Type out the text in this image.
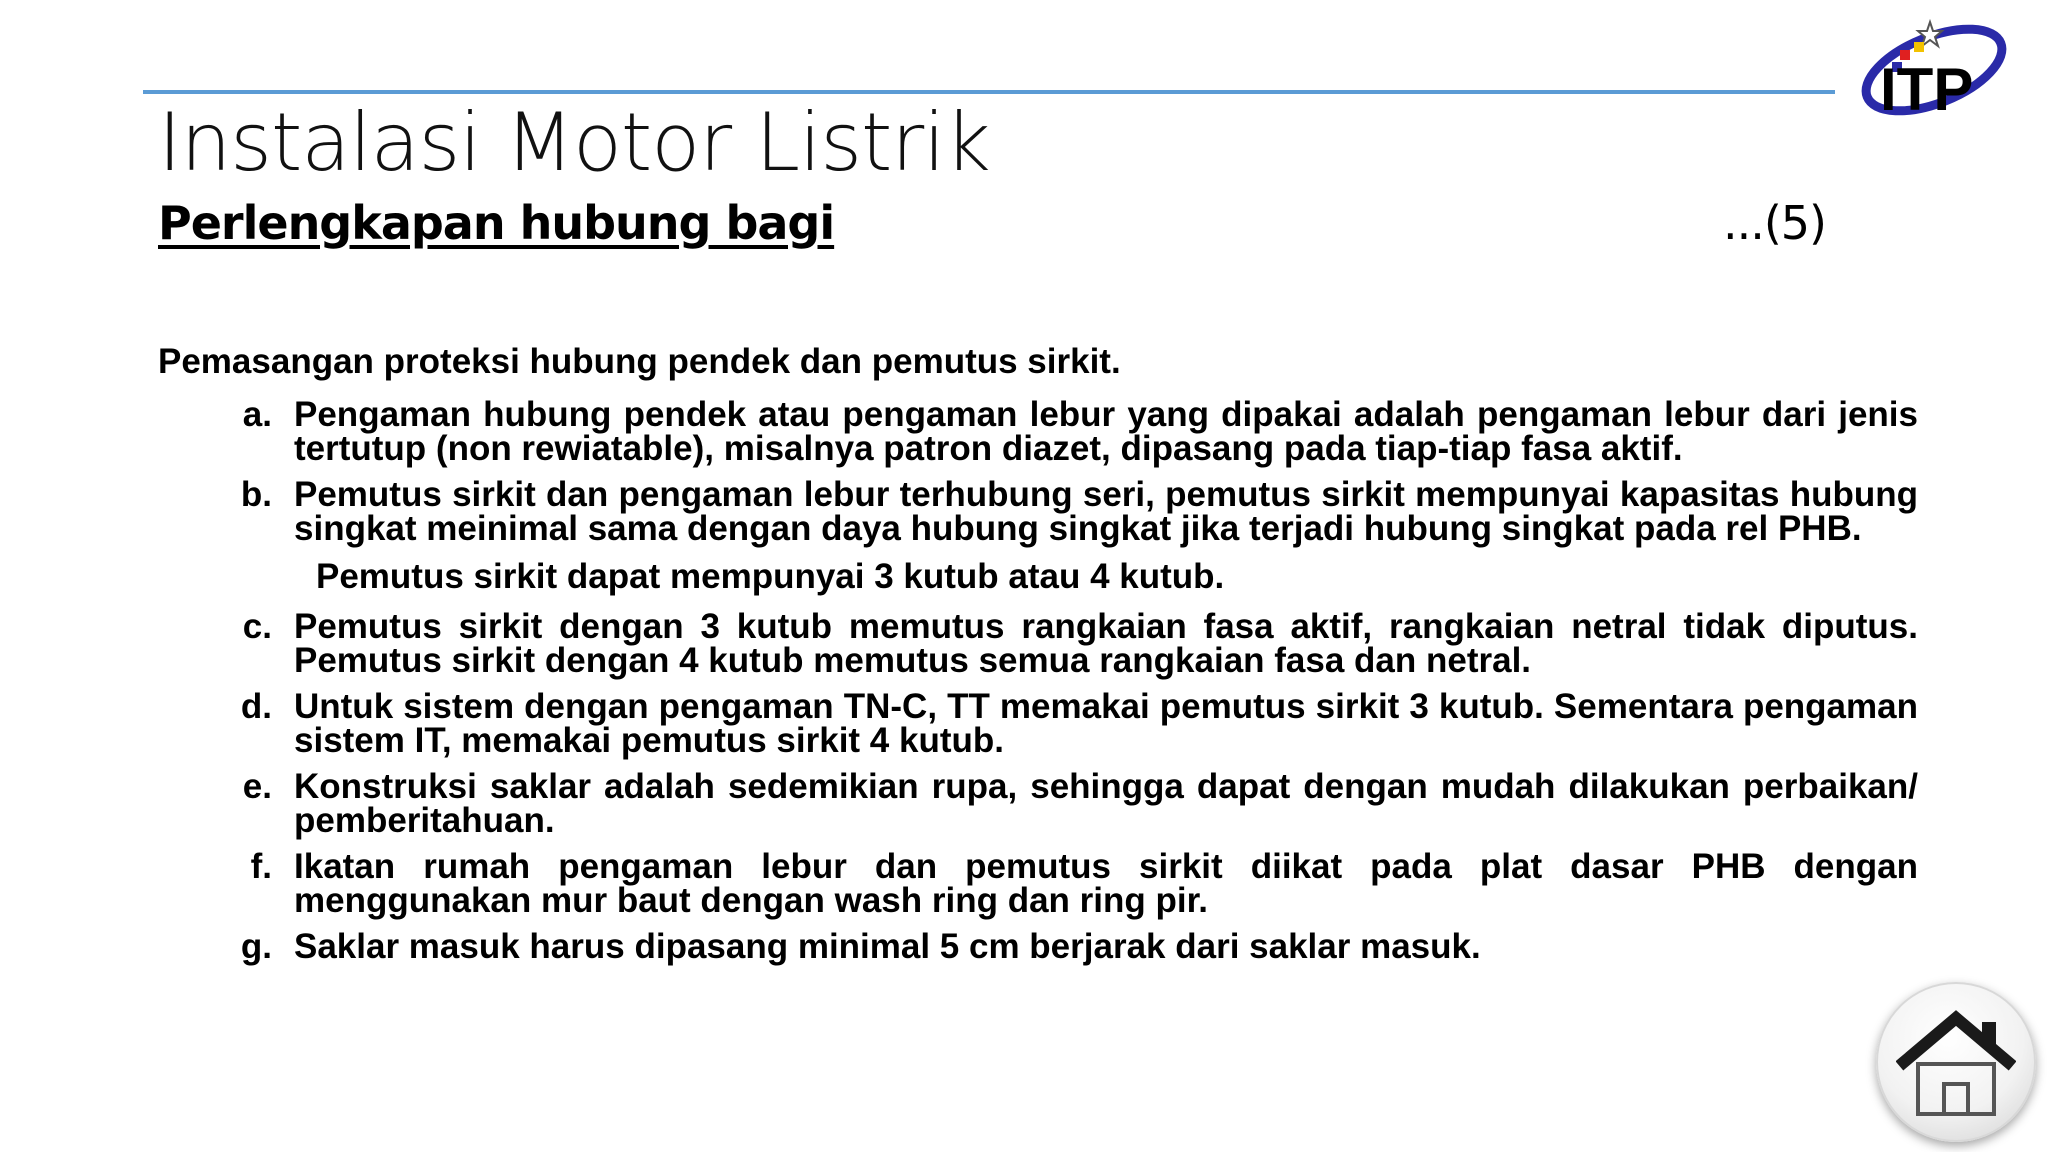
ITP
Instalasi Motor Listrik
Perlengkapan hubung bagi	...(5)

Pemasangan proteksi hubung pendek dan pemutus sirkit.

a. Pengaman hubung pendek atau pengaman lebur yang dipakai adalah pengaman lebur dari jenis tertutup (non rewiatable), misalnya patron diazet, dipasang pada tiap-tiap fasa aktif.
b. Pemutus sirkit dan pengaman lebur terhubung seri, pemutus sirkit mempunyai kapasitas hubung singkat meinimal sama dengan daya hubung singkat jika terjadi hubung singkat pada rel PHB.

Pemutus sirkit dapat mempunyai 3 kutub atau 4 kutub.

c. Pemutus sirkit dengan 3 kutub memutus rangkaian fasa aktif, rangkaian netral tidak diputus. Pemutus sirkit dengan 4 kutub memutus semua rangkaian fasa dan netral.
d. Untuk sistem dengan pengaman TN-C, TT memakai pemutus sirkit 3 kutub. Sementara pengaman sistem IT, memakai pemutus sirkit 4 kutub.
e. Konstruksi saklar adalah sedemikian rupa, sehingga dapat dengan mudah dilakukan perbaikan/ pemberitahuan.
f. Ikatan rumah pengaman lebur dan pemutus sirkit diikat pada plat dasar PHB dengan menggunakan mur baut dengan wash ring dan ring pir.
g. Saklar masuk harus dipasang minimal 5 cm berjarak dari saklar masuk.
